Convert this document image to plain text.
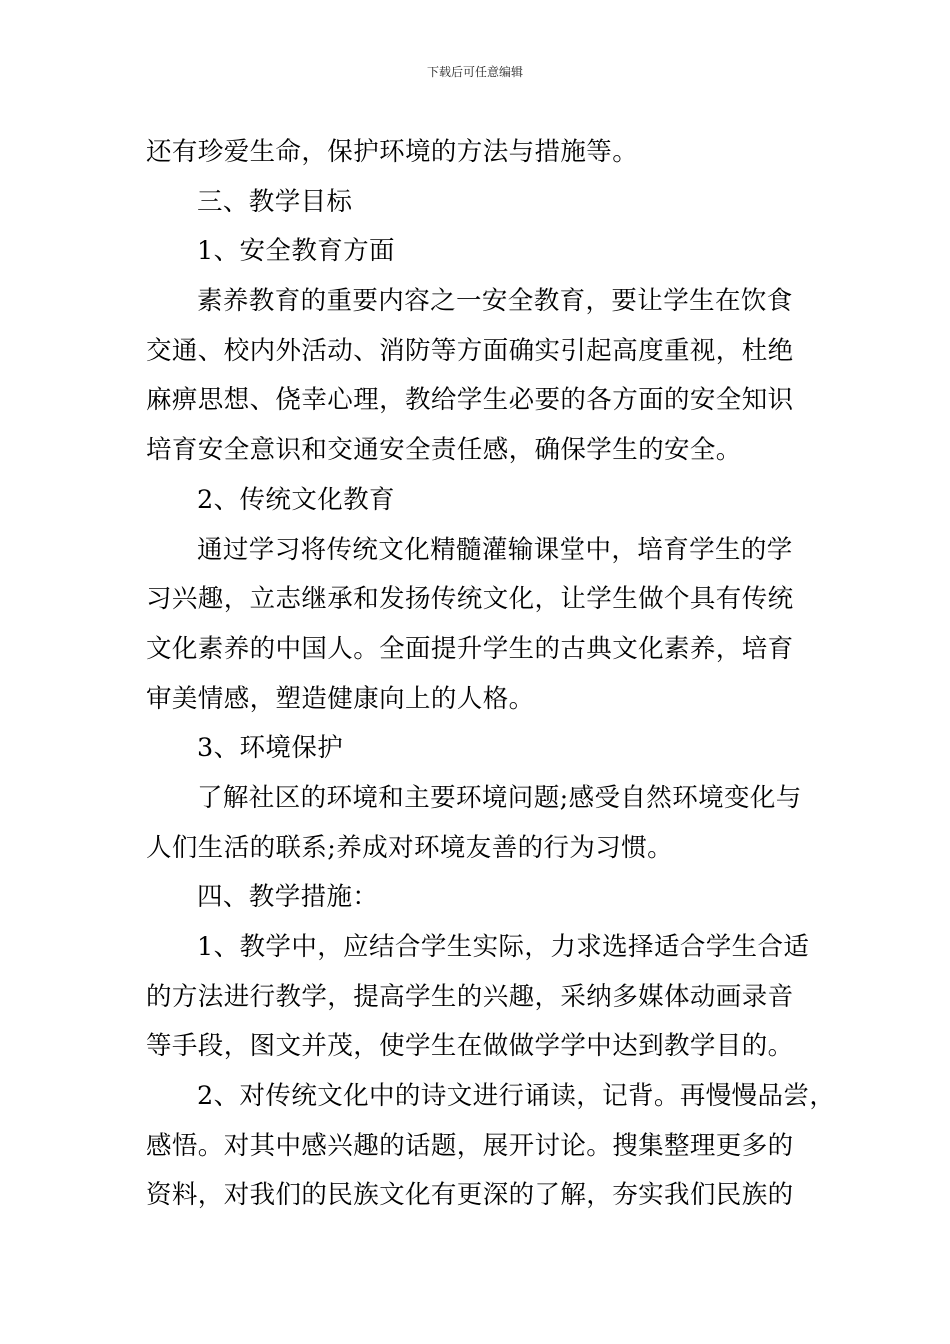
下载后可任意编辑
还有珍爱生命，保护环境的方法与措施等。
三、教学目标
1、安全教育方面
素养教育的重要内容之一安全教育，要让学生在饮食
交通、校内外活动、消防等方面确实引起高度重视，杜绝
麻痹思想、侥幸心理，教给学生必要的各方面的安全知识
培育安全意识和交通安全责任感，确保学生的安全。
2、传统文化教育
通过学习将传统文化精髓灌输课堂中，培育学生的学
习兴趣，立志继承和发扬传统文化，让学生做个具有传统
文化素养的中国人。全面提升学生的古典文化素养，培育
审美情感，塑造健康向上的人格。
3、环境保护
了解社区的环境和主要环境问题;感受自然环境变化与
人们生活的联系;养成对环境友善的行为习惯。
四、教学措施：
1、教学中，应结合学生实际，力求选择适合学生合适
的方法进行教学，提高学生的兴趣，采纳多媒体动画录音
等手段，图文并茂，使学生在做做学学中达到教学目的。
2、对传统文化中的诗文进行诵读，记背。再慢慢品尝，
感悟。对其中感兴趣的话题，展开讨论。搜集整理更多的
资料，对我们的民族文化有更深的了解，夯实我们民族的
